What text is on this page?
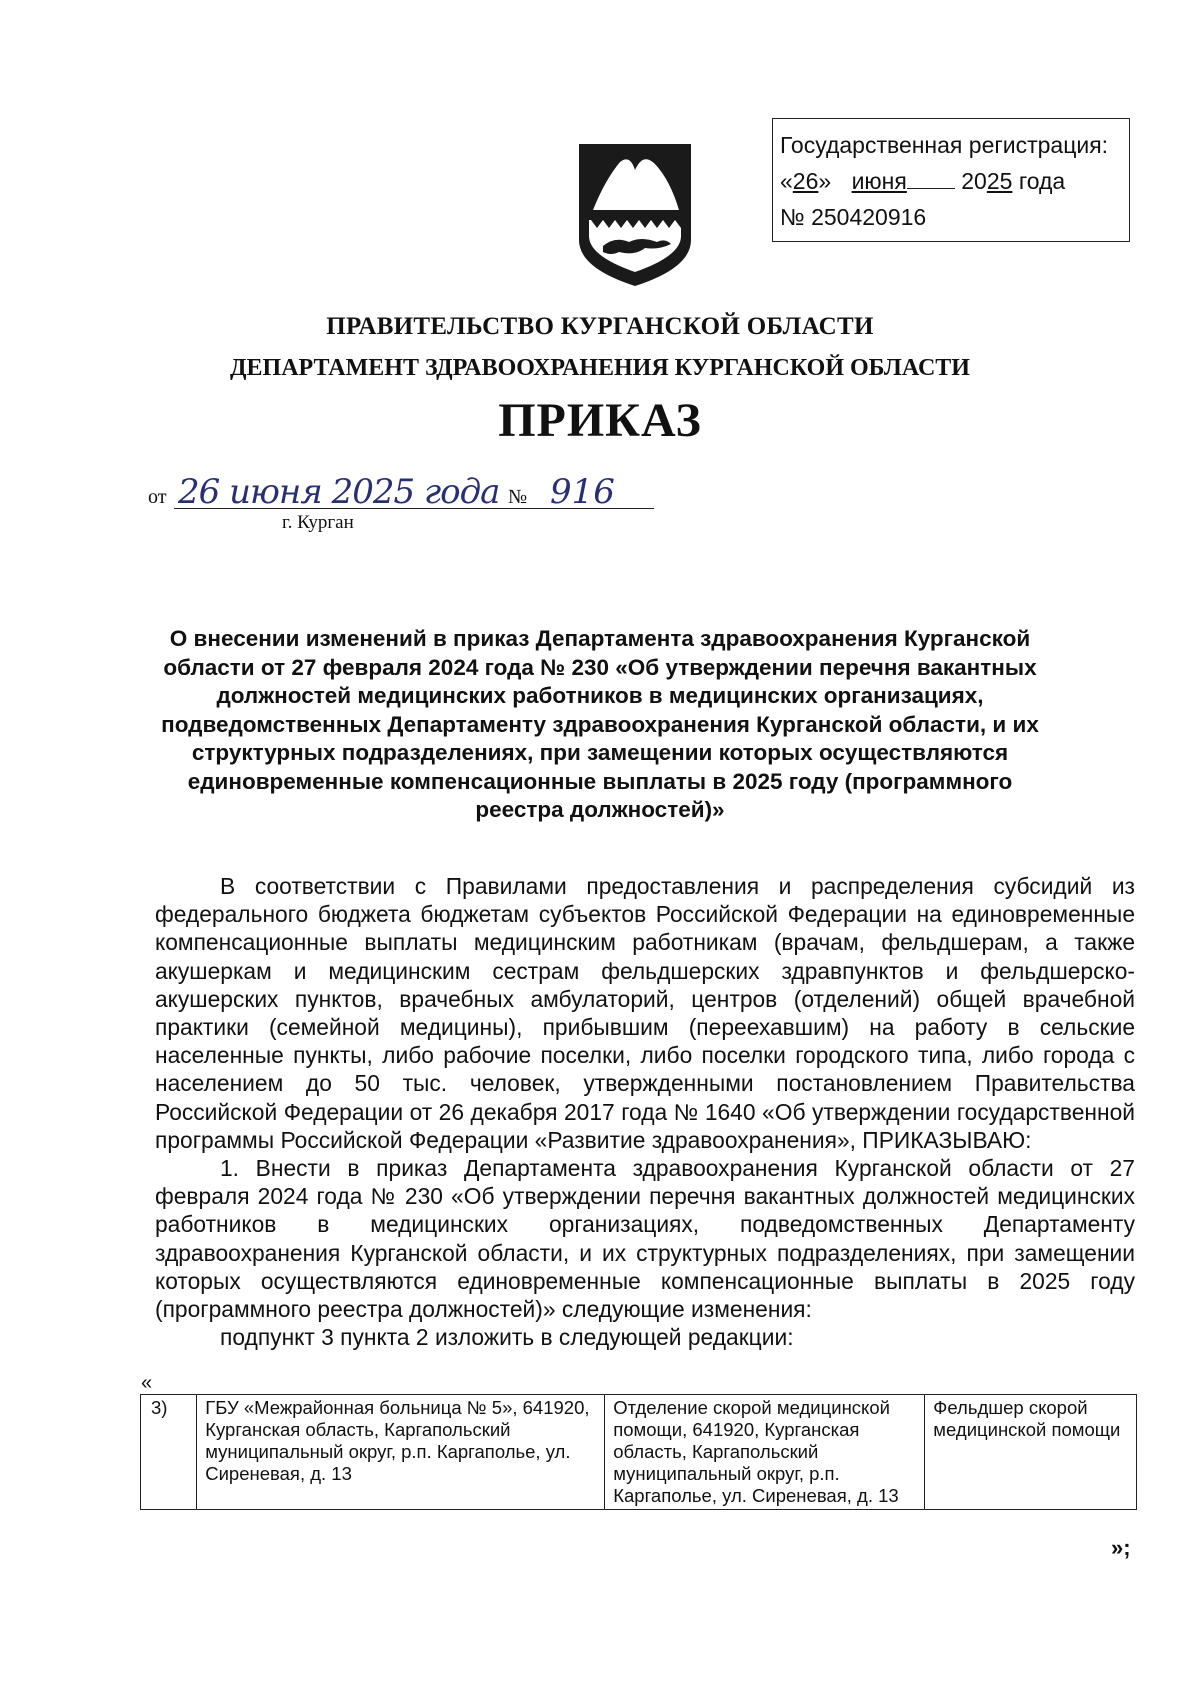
Государственная регистрация:
«26» июня 2025 года
№ 250420916
ПРАВИТЕЛЬСТВО КУРГАНСКОЙ ОБЛАСТИ
ДЕПАРТАМЕНТ ЗДРАВООХРАНЕНИЯ КУРГАНСКОЙ ОБЛАСТИ
ПРИКАЗ
от 26 июня 2025 года № 916
г. Курган
О внесении изменений в приказ Департамента здравоохранения Курганской области от 27 февраля 2024 года № 230 «Об утверждении перечня вакантных должностей медицинских работников в медицинских организациях, подведомственных Департаменту здравоохранения Курганской области, и их структурных подразделениях, при замещении которых осуществляются единовременные компенсационные выплаты в 2025 году (программного реестра должностей)»

В соответствии с Правилами предоставления и распределения субсидий из федерального бюджета бюджетам субъектов Российской Федерации на единовременные компенсационные выплаты медицинским работникам (врачам, фельдшерам, а также акушеркам и медицинским сестрам фельдшерских здравпунктов и фельдшерско-акушерских пунктов, врачебных амбулаторий, центров (отделений) общей врачебной практики (семейной медицины), прибывшим (переехавшим) на работу в сельские населенные пункты, либо рабочие поселки, либо поселки городского типа, либо города с населением до 50 тыс. человек, утвержденными постановлением Правительства Российской Федерации от 26 декабря 2017 года № 1640 «Об утверждении государственной программы Российской Федерации «Развитие здравоохранения», ПРИКАЗЫВАЮ:

1. Внести в приказ Департамента здравоохранения Курганской области от 27 февраля 2024 года № 230 «Об утверждении перечня вакантных должностей медицинских работников в медицинских организациях, подведомственных Департаменту здравоохранения Курганской области, и их структурных подразделениях, при замещении которых осуществляются единовременные компенсационные выплаты в 2025 году (программного реестра должностей)» следующие изменения:

подпункт 3 пункта 2 изложить в следующей редакции:

«
3)	ГБУ «Межрайонная больница № 5», 641920, Курганская область, Каргапольский муниципальный округ, р.п. Каргаполье, ул. Сиреневая, д. 13	Отделение скорой медицинской помощи, 641920, Курганская область, Каргапольский муниципальный округ, р.п. Каргаполье, ул. Сиреневая, д. 13	Фельдшер скорой медицинской помощи
»;
